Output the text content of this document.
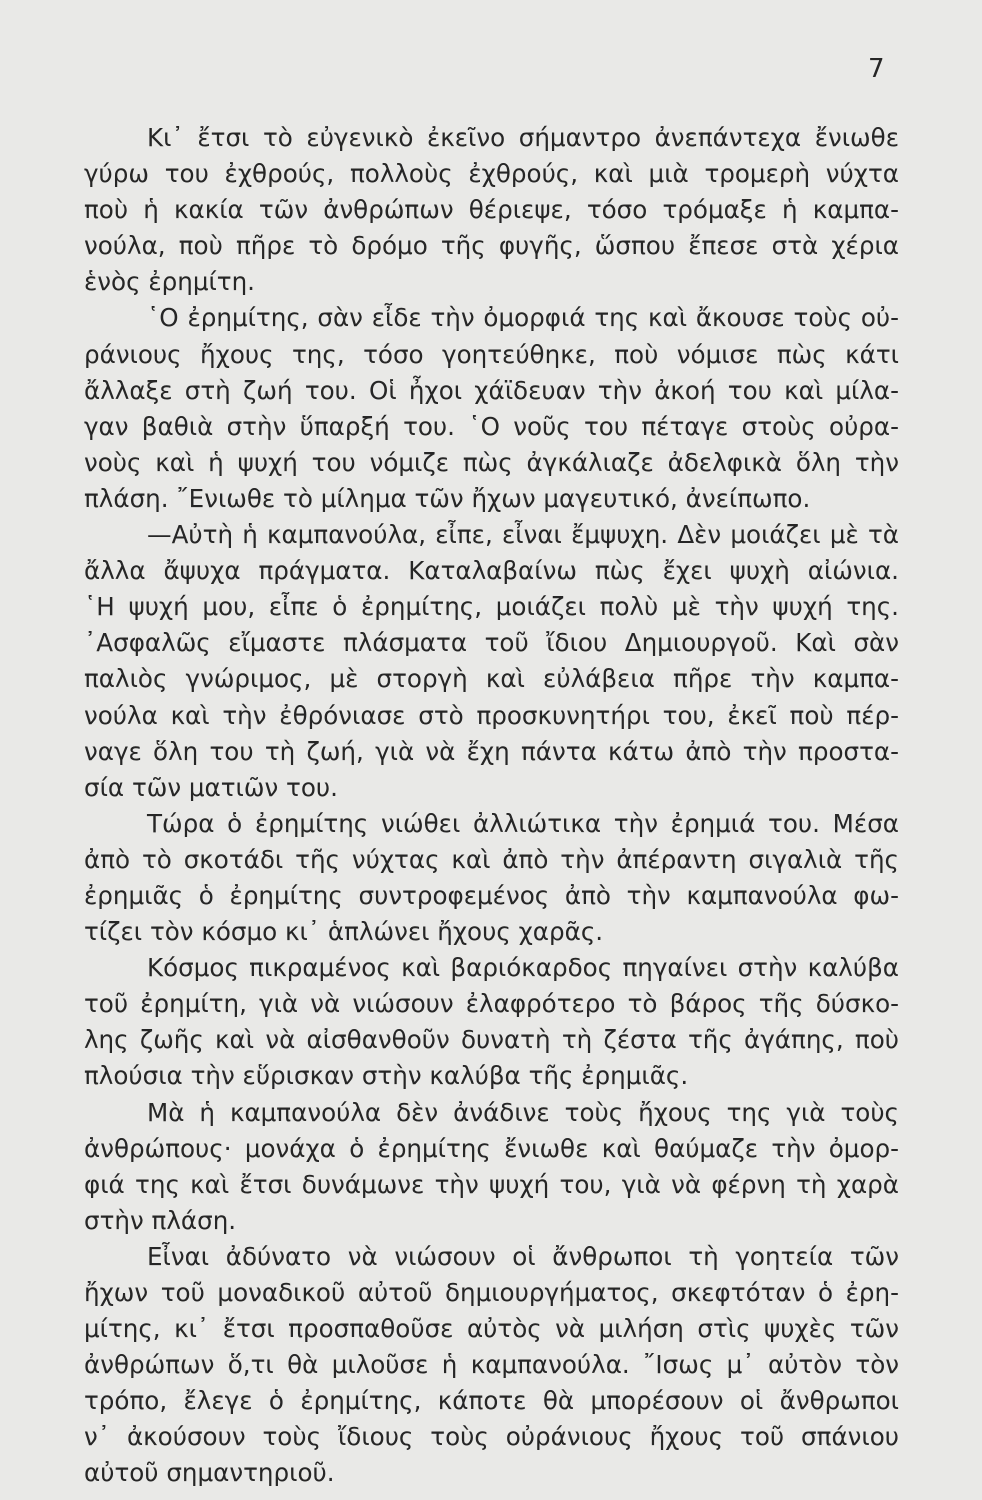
7
Κι᾿ ἔτσι τὸ εὐγενικὸ ἐκεῖνο σήμαντρο ἀνεπάντεχα ἔνιωθε
γύρω του ἐχθρούς, πολλοὺς ἐχθρούς, καὶ μιὰ τρομερὴ νύχτα
ποὺ ἡ κακία τῶν ἀνθρώπων θέριεψε, τόσο τρόμαξε ἡ καμπα-
νούλα, ποὺ πῆρε τὸ δρόμο τῆς φυγῆς, ὥσπου ἔπεσε στὰ χέρια
ἑνὸς ἐρημίτη.
῾Ο ἐρημίτης, σὰν εἶδε τὴν ὀμορφιά της καὶ ἄκουσε τοὺς οὐ-
ράνιους ἤχους της, τόσο γοητεύθηκε, ποὺ νόμισε πὼς κάτι
ἄλλαξε στὴ ζωή του. Οἱ ἦχοι χάϊδευαν τὴν ἀκοή του καὶ μίλα-
γαν βαθιὰ στὴν ὕπαρξή του. ῾Ο νοῦς του πέταγε στοὺς οὐρα-
νοὺς καὶ ἡ ψυχή του νόμιζε πὼς ἀγκάλιαζε ἀδελφικὰ ὅλη τὴν
πλάση. ῎Ενιωθε τὸ μίλημα τῶν ἤχων μαγευτικό, ἀνείπωπο.
—Αὐτὴ ἡ καμπανούλα, εἶπε, εἶναι ἔμψυχη. Δὲν μοιάζει μὲ τὰ
ἄλλα ἄψυχα πράγματα. Καταλαβαίνω πὼς ἔχει ψυχὴ αἰώνια.
῾Η ψυχή μου, εἶπε ὁ ἐρημίτης, μοιάζει πολὺ μὲ τὴν ψυχή της.
᾿Ασφαλῶς εἴμαστε πλάσματα τοῦ ἴδιου Δημιουργοῦ. Καὶ σὰν
παλιὸς γνώριμος, μὲ στοργὴ καὶ εὐλάβεια πῆρε τὴν καμπα-
νούλα καὶ τὴν ἐθρόνιασε στὸ προσκυνητήρι του, ἐκεῖ ποὺ πέρ-
ναγε ὅλη του τὴ ζωή, γιὰ νὰ ἔχη πάντα κάτω ἀπὸ τὴν προστα-
σία τῶν ματιῶν του.
Τώρα ὁ ἐρημίτης νιώθει ἀλλιώτικα τὴν ἐρημιά του. Μέσα
ἀπὸ τὸ σκοτάδι τῆς νύχτας καὶ ἀπὸ τὴν ἀπέραντη σιγαλιὰ τῆς
ἐρημιᾶς ὁ ἐρημίτης συντροφεμένος ἀπὸ τὴν καμπανούλα φω-
τίζει τὸν κόσμο κι᾿ ἁπλώνει ἤχους χαρᾶς.
Κόσμος πικραμένος καὶ βαριόκαρδος πηγαίνει στὴν καλύβα
τοῦ ἐρημίτη, γιὰ νὰ νιώσουν ἐλαφρότερο τὸ βάρος τῆς δύσκο-
λης ζωῆς καὶ νὰ αἰσθανθοῦν δυνατὴ τὴ ζέστα τῆς ἀγάπης, ποὺ
πλούσια τὴν εὕρισκαν στὴν καλύβα τῆς ἐρημιᾶς.
Μὰ ἡ καμπανούλα δὲν ἀνάδινε τοὺς ἤχους της γιὰ τοὺς
ἀνθρώπους· μονάχα ὁ ἐρημίτης ἔνιωθε καὶ θαύμαζε τὴν ὀμορ-
φιά της καὶ ἔτσι δυνάμωνε τὴν ψυχή του, γιὰ νὰ φέρνη τὴ χαρὰ
στὴν πλάση.
Εἶναι ἀδύνατο νὰ νιώσουν οἱ ἄνθρωποι τὴ γοητεία τῶν
ἤχων τοῦ μοναδικοῦ αὐτοῦ δημιουργήματος, σκεφτόταν ὁ ἐρη-
μίτης, κι᾿ ἔτσι προσπαθοῦσε αὐτὸς νὰ μιλήση στὶς ψυχὲς τῶν
ἀνθρώπων ὅ,τι θὰ μιλοῦσε ἡ καμπανούλα. ῎Ισως μ᾿ αὐτὸν τὸν
τρόπο, ἔλεγε ὁ ἐρημίτης, κάποτε θὰ μπορέσουν οἱ ἄνθρωποι
ν᾿ ἀκούσουν τοὺς ἴδιους τοὺς οὐράνιους ἤχους τοῦ σπάνιου
αὐτοῦ σημαντηριοῦ.
